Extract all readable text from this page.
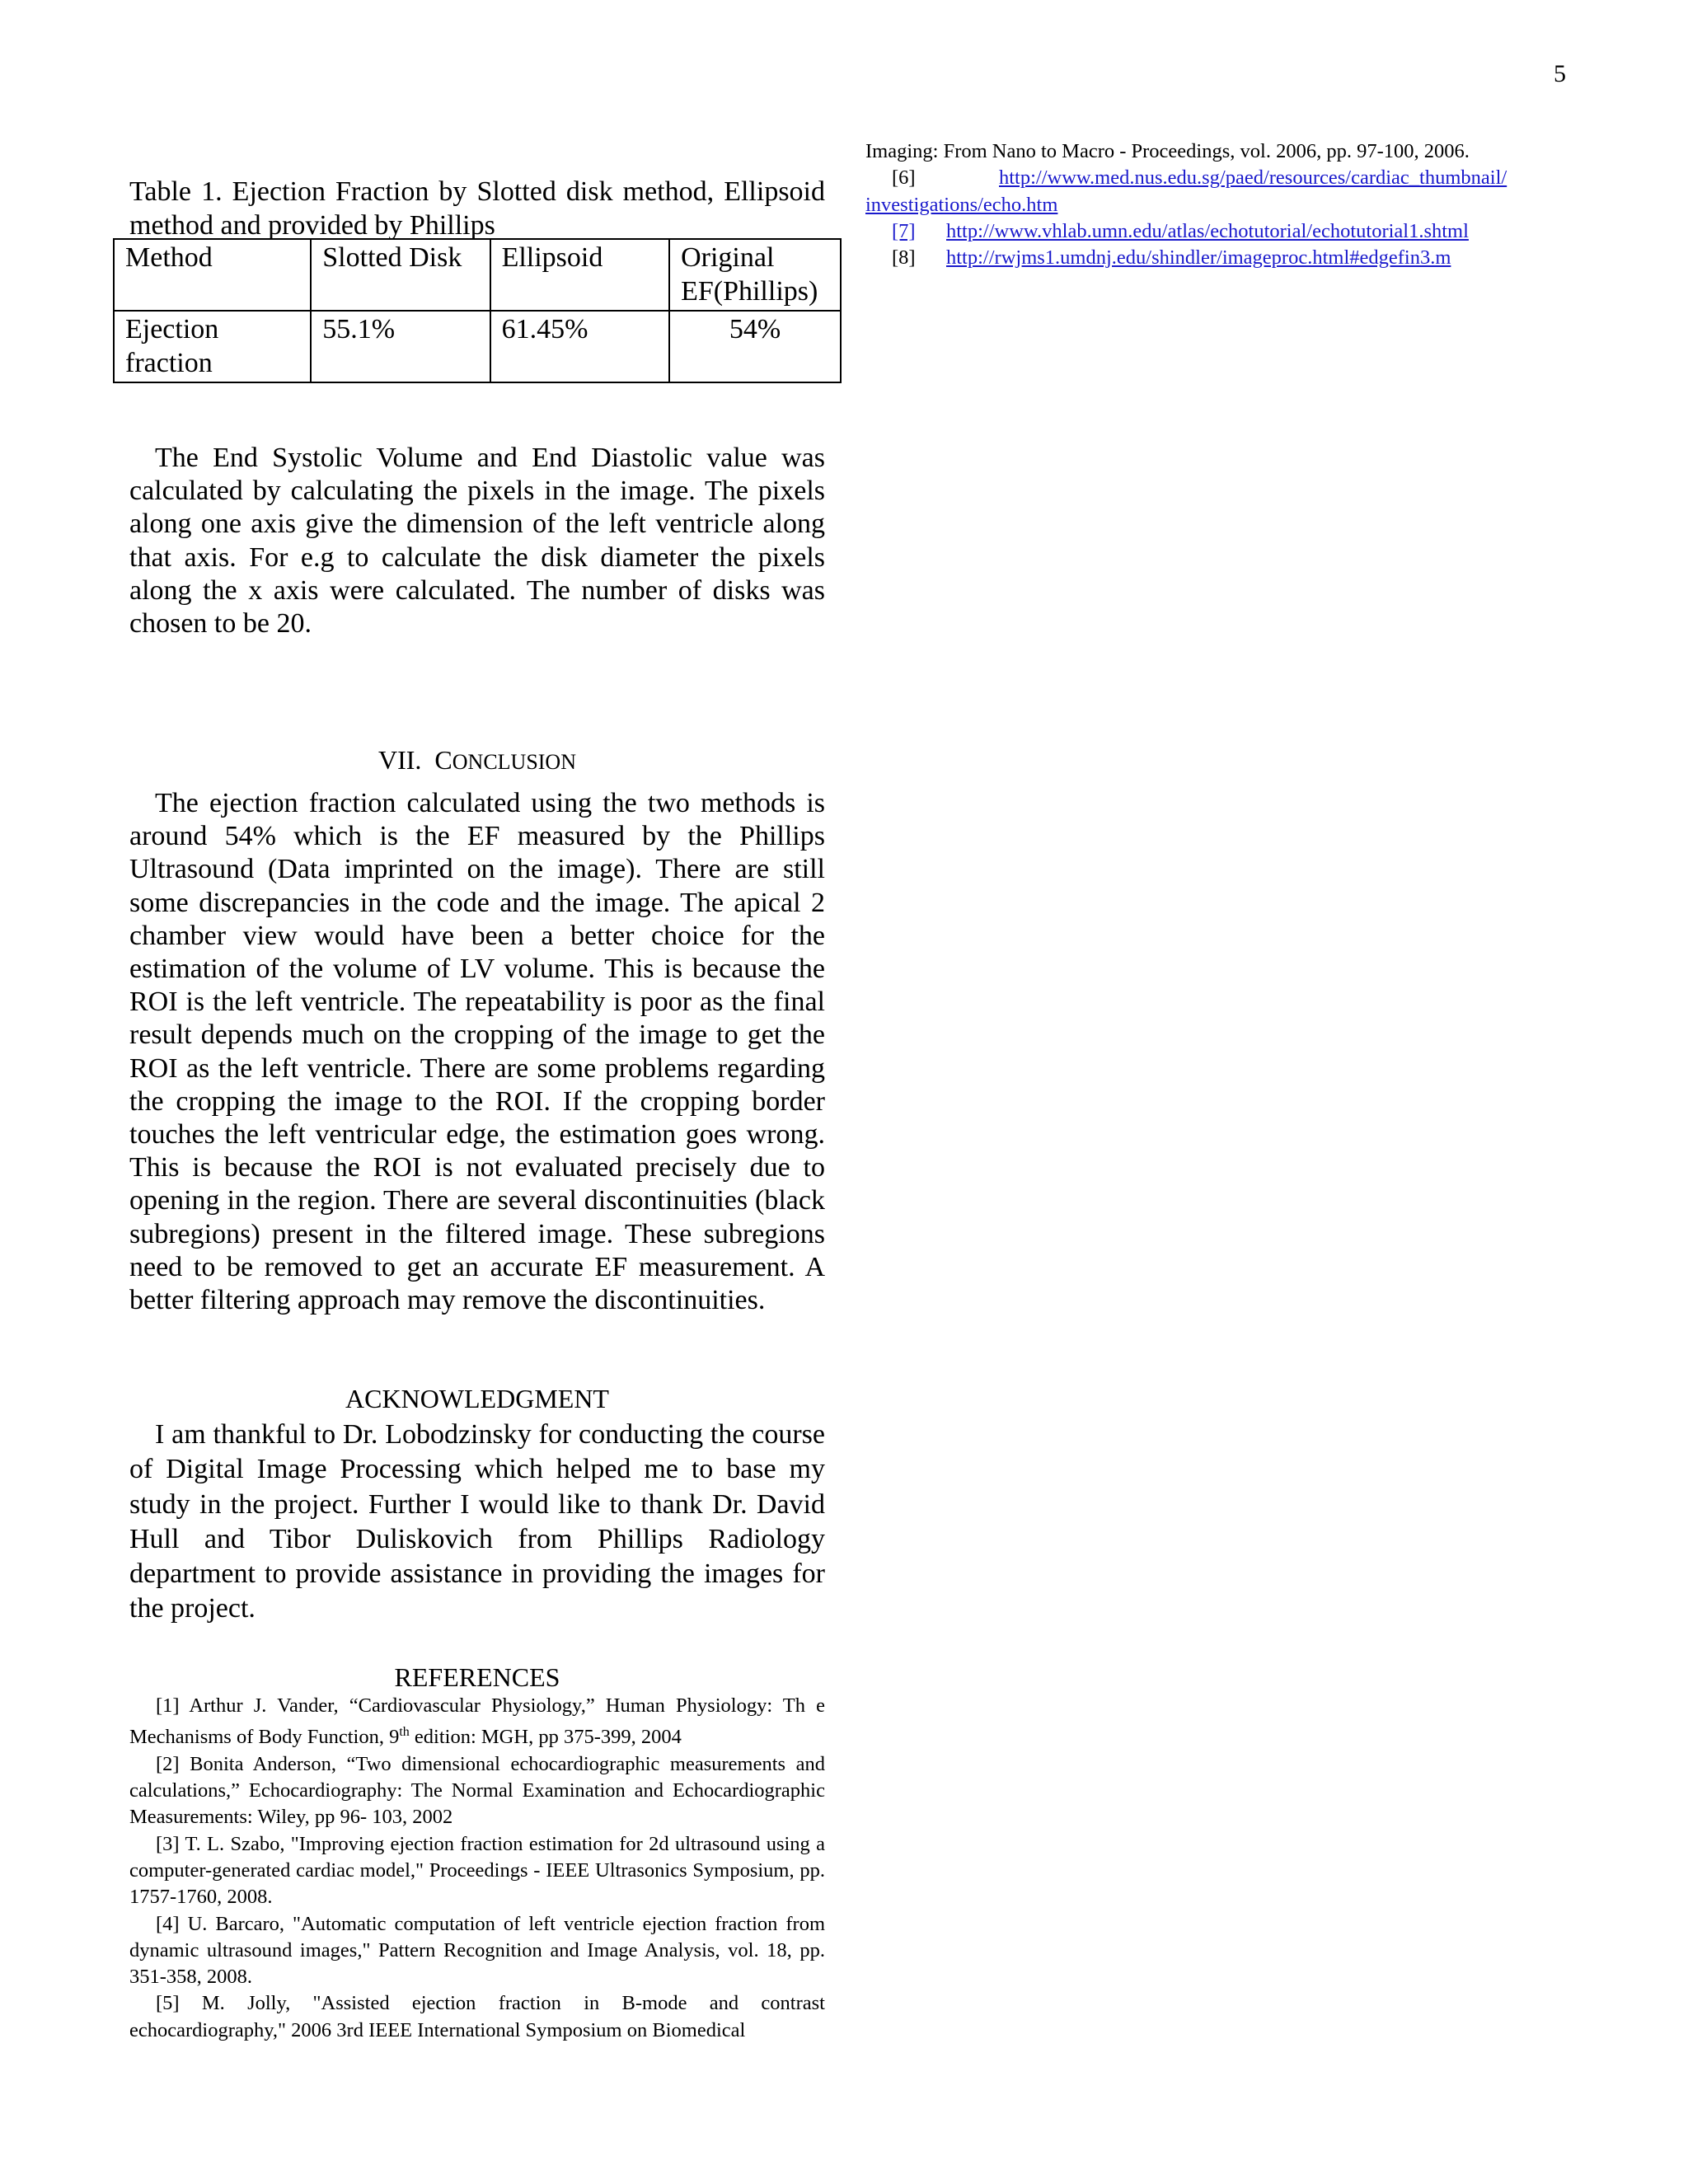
5
Table 1. Ejection Fraction by Slotted disk method, Ellipsoid method and provided by Phillips
Method	Slotted Disk	Ellipsoid	Original EF(Phillips)

Ejection fraction	55.1%	61.45%	54%

The End Systolic Volume and End Diastolic value was calculated by calculating the pixels in the image. The pixels along one axis give the dimension of the left ventricle along that axis. For e.g to calculate the disk diameter the pixels along the x axis were calculated. The number of disks was chosen to be 20.

VII. CONCLUSION

The ejection fraction calculated using the two methods is around 54% which is the EF measured by the Phillips Ultrasound (Data imprinted on the image). There are still some discrepancies in the code and the image. The apical 2 chamber view would have been a better choice for the estimation of the volume of LV volume. This is because the ROI is the left ventricle. The repeatability is poor as the final result depends much on the cropping of the image to get the ROI as the left ventricle. There are some problems regarding the cropping the image to the ROI. If the cropping border touches the left ventricular edge, the estimation goes wrong. This is because the ROI is not evaluated precisely due to opening in the region. There are several discontinuities (black subregions) present in the filtered image. These subregions need to be removed to get an accurate EF measurement. A better filtering approach may remove the discontinuities.

ACKNOWLEDGMENT

I am thankful to Dr. Lobodzinsky for conducting the course of Digital Image Processing which helped me to base my study in the project. Further I would like to thank Dr. David Hull and Tibor Duliskovich from Phillips Radiology department to provide assistance in providing the images for the project.

REFERENCES

[1] Arthur J. Vander, “Cardiovascular Physiology,” Human Physiology: Th e Mechanisms of Body Function, 9th edition: MGH, pp 375-399, 2004

[2] Bonita Anderson, “Two dimensional echocardiographic measurements and calculations,” Echocardiography: The Normal Examination and Echocardiographic Measurements: Wiley, pp 96- 103, 2002

[3] T. L. Szabo, "Improving ejection fraction estimation for 2d ultrasound using a computer-generated cardiac model," Proceedings - IEEE Ultrasonics Symposium, pp. 1757-1760, 2008.

[4] U. Barcaro, "Automatic computation of left ventricle ejection fraction from dynamic ultrasound images," Pattern Recognition and Image Analysis, vol. 18, pp. 351-358, 2008.

[5] M. Jolly, "Assisted ejection fraction in B-mode and contrast echocardiography," 2006 3rd IEEE International Symposium on Biomedical

Imaging: From Nano to Macro - Proceedings, vol. 2006, pp. 97-100, 2006.

[6]	http://www.med.nus.edu.sg/paed/resources/cardiac_thumbnail/

investigations/echo.htm

[7] http://www.vhlab.umn.edu/atlas/echotutorial/echotutorial1.shtml

[8] http://rwjms1.umdnj.edu/shindler/imageproc.html#edgefin3.m
